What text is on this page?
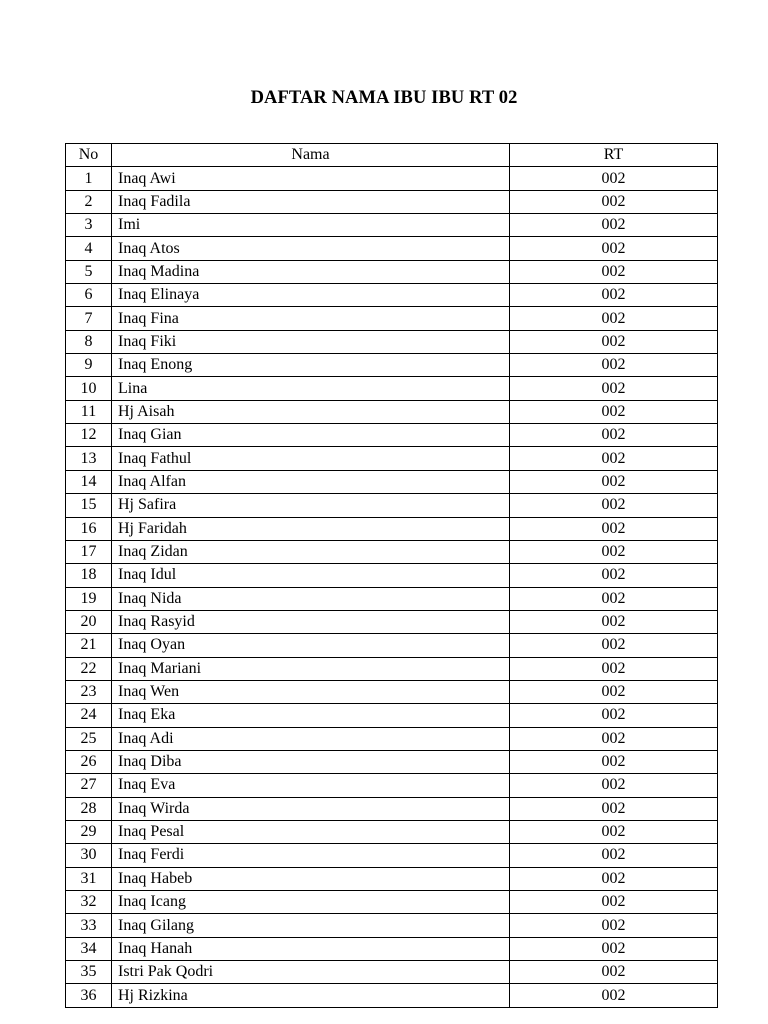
DAFTAR NAMA IBU IBU RT 02
No	Nama	RT
1	Inaq Awi	002
2	Inaq Fadila	002
3	Imi	002
4	Inaq Atos	002
5	Inaq Madina	002
6	Inaq Elinaya	002
7	Inaq Fina	002
8	Inaq Fiki	002
9	Inaq Enong	002
10	Lina	002
11	Hj Aisah	002
12	Inaq Gian	002
13	Inaq Fathul	002
14	Inaq Alfan	002
15	Hj Safira	002
16	Hj Faridah	002
17	Inaq Zidan	002
18	Inaq Idul	002
19	Inaq Nida	002
20	Inaq Rasyid	002
21	Inaq Oyan	002
22	Inaq Mariani	002
23	Inaq Wen	002
24	Inaq Eka	002
25	Inaq Adi	002
26	Inaq Diba	002
27	Inaq Eva	002
28	Inaq Wirda	002
29	Inaq Pesal	002
30	Inaq Ferdi	002
31	Inaq Habeb	002
32	Inaq Icang	002
33	Inaq Gilang	002
34	Inaq Hanah	002
35	Istri Pak Qodri	002
36	Hj Rizkina	002
